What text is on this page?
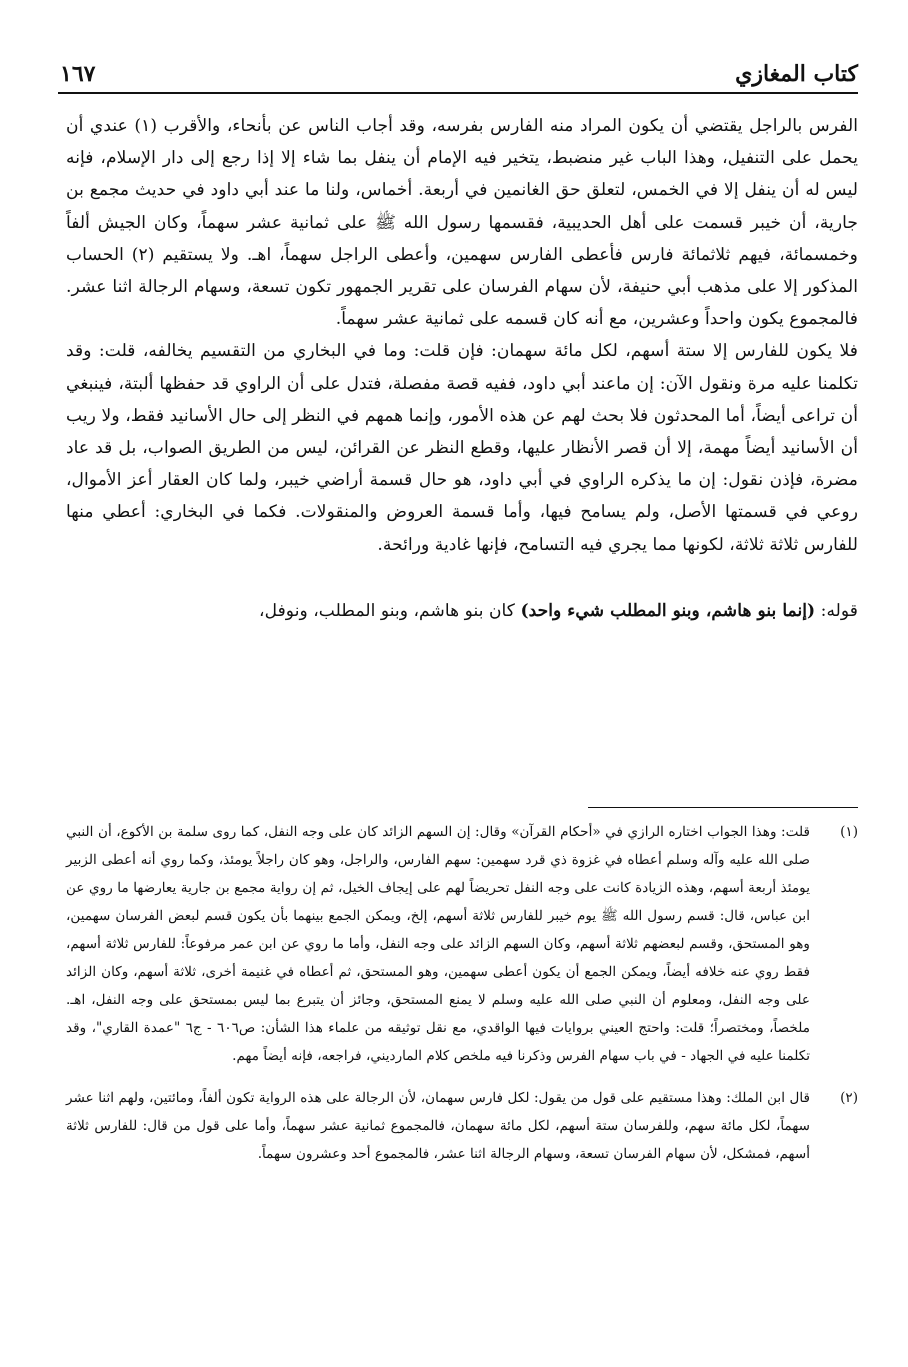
كتاب المغازي
١٦٧

الفرس بالراجل يقتضي أن يكون المراد منه الفارس بفرسه، وقد أجاب الناس عن بأنحاء، والأقرب (١) عندي أن يحمل على التنفيل، وهذا الباب غير منضبط، يتخير فيه الإمام أن ينفل بما شاء إلا إذا رجع إلى دار الإسلام، فإنه ليس له أن ينفل إلا في الخمس، لتعلق حق الغانمين في أربعة. أخماس، ولنا ما عند أبي داود في حديث مجمع بن جارية، أن خيبر قسمت على أهل الحديبية، فقسمها رسول الله ﷺ على ثمانية عشر سهماً، وكان الجيش ألفاً وخمسمائة، فيهم ثلاثمائة فارس فأعطى الفارس سهمين، وأعطى الراجل سهماً، اهـ. ولا يستقيم (٢) الحساب المذكور إلا على مذهب أبي حنيفة، لأن سهام الفرسان على تقرير الجمهور تكون تسعة، وسهام الرجالة اثنا عشر. فالمجموع يكون واحداً وعشرين، مع أنه كان قسمه على ثمانية عشر سهماً.

فلا يكون للفارس إلا ستة أسهم، لكل مائة سهمان: فإن قلت: وما في البخاري من التقسيم يخالفه، قلت: وقد تكلمنا عليه مرة ونقول الآن: إن ماعند أبي داود، ففيه قصة مفصلة، فتدل على أن الراوي قد حفظها ألبتة، فينبغي أن تراعى أيضاً، أما المحدثون فلا بحث لهم عن هذه الأمور، وإنما همهم في النظر إلى حال الأسانيد فقط، ولا ريب أن الأسانيد أيضاً مهمة، إلا أن قصر الأنظار عليها، وقطع النظر عن القرائن، ليس من الطريق الصواب، بل قد عاد مضرة، فإذن نقول: إن ما يذكره الراوي في أبي داود، هو حال قسمة أراضي خيبر، ولما كان العقار أعز الأموال، روعي في قسمتها الأصل، ولم يسامح فيها، وأما قسمة العروض والمنقولات. فكما في البخاري: أعطي منها للفارس ثلاثة ثلاثة، لكونها مما يجري فيه التسامح، فإنها غادية ورائحة.

قوله: (إنما بنو هاشم، وبنو المطلب شيء واحد) كان بنو هاشم، وبنو المطلب، ونوفل،

(١)

قلت: وهذا الجواب اختاره الرازي في «أحكام القرآن» وقال: إن السهم الزائد كان على وجه النفل، كما روى سلمة بن الأكوع، أن النبي صلى الله عليه وآله وسلم أعطاه في غزوة ذي قرد سهمين: سهم الفارس، والراجل، وهو كان راجلاً يومئذ، وكما روي أنه أعطى الزبير يومئذ أربعة أسهم، وهذه الزيادة كانت على وجه النفل تحريضاً لهم على إيجاف الخيل، ثم إن رواية مجمع بن جارية يعارضها ما روي عن ابن عباس، قال: قسم رسول الله ﷺ يوم خيبر للفارس ثلاثة أسهم، إلخ، ويمكن الجمع بينهما بأن يكون قسم لبعض الفرسان سهمين، وهو المستحق، وقسم لبعضهم ثلاثة أسهم، وكان السهم الزائد على وجه النفل، وأما ما روي عن ابن عمر مرفوعاً: للفارس ثلاثة أسهم، فقط روي عنه خلافه أيضاً، ويمكن الجمع أن يكون أعطى سهمين، وهو المستحق، ثم أعطاه في غنيمة أخرى، ثلاثة أسهم، وكان الزائد على وجه النفل، ومعلوم أن النبي صلى الله عليه وسلم لا يمنع المستحق، وجائز أن يتبرع بما ليس بمستحق على وجه النفل، اهـ. ملخصاً، ومختصراً؛ قلت: واحتج العيني بروايات فيها الواقدي، مع نقل توثيقه من علماء هذا الشأن: ص٦٠٦ - ج٦ "عمدة القاري"، وقد تكلمنا عليه في الجهاد - في باب سهام الفرس وذكرنا فيه ملخص كلام المارديني، فراجعه، فإنه أيضاً مهم.

(٢)

قال ابن الملك: وهذا مستقيم على قول من يقول: لكل فارس سهمان، لأن الرجالة على هذه الرواية تكون ألفاً، ومائتين، ولهم اثنا عشر سهماً، لكل مائة سهم، وللفرسان ستة أسهم، لكل مائة سهمان، فالمجموع ثمانية عشر سهماً، وأما على قول من قال: للفارس ثلاثة أسهم، فمشكل، لأن سهام الفرسان تسعة، وسهام الرجالة اثنا عشر، فالمجموع أحد وعشرون سهماً.
